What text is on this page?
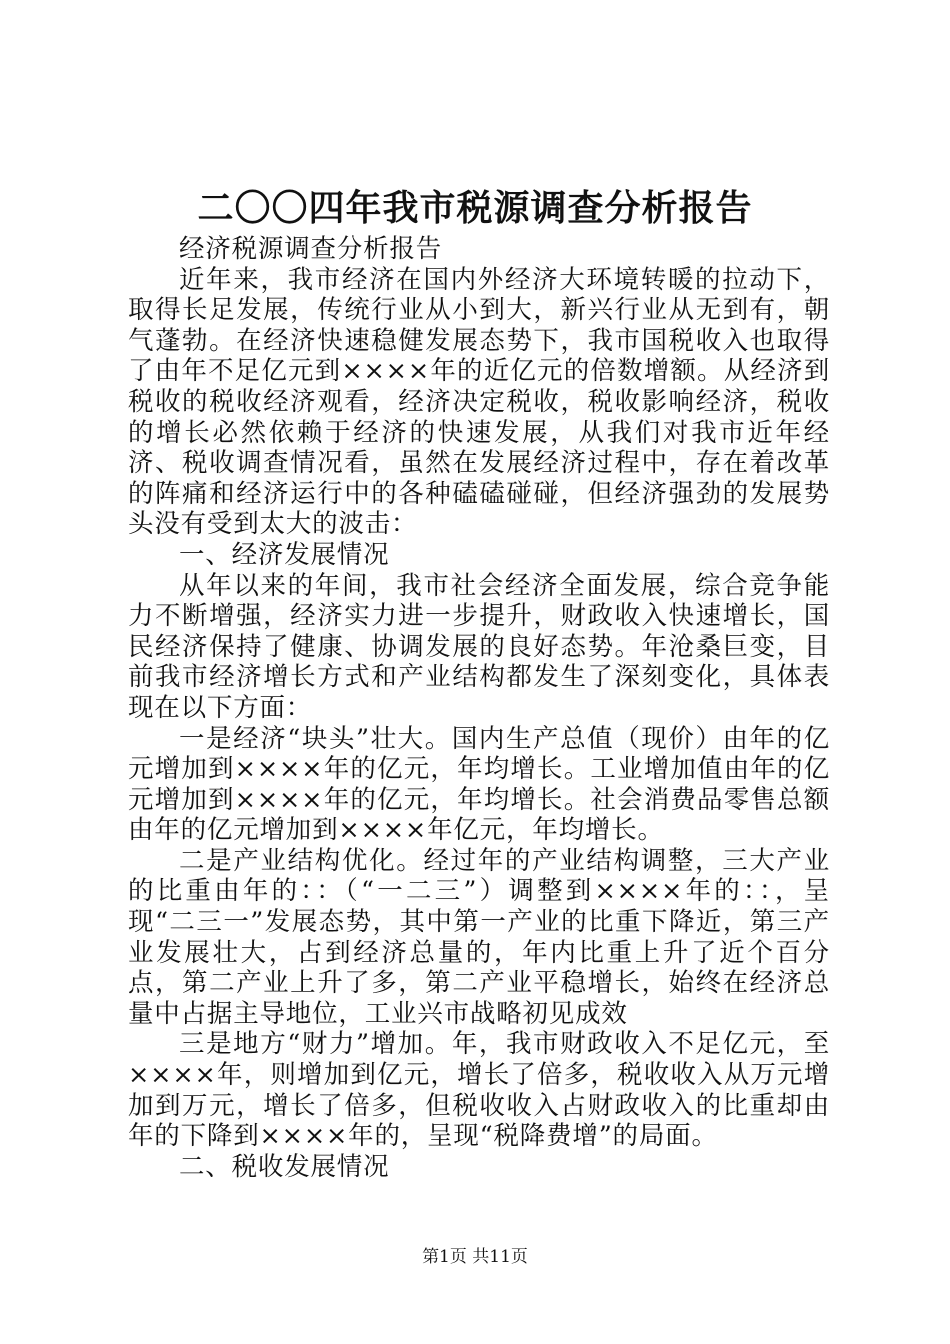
二〇〇四年我市税源调查分析报告

经济税源调查分析报告

近年来，我市经济在国内外经济大环境转暖的拉动下，取得长足发展，传统行业从小到大，新兴行业从无到有，朝气蓬勃。在经济快速稳健发展态势下，我市国税收入也取得了由年不足亿元到××××年的近亿元的倍数增额。从经济到税收的税收经济观看，经济决定税收，税收影响经济，税收的增长必然依赖于经济的快速发展，从我们对我市近年经济、税收调查情况看，虽然在发展经济过程中，存在着改革的阵痛和经济运行中的各种磕磕碰碰，但经济强劲的发展势头没有受到太大的波击：

一、经济发展情况

从年以来的年间，我市社会经济全面发展，综合竞争能力不断增强，经济实力进一步提升，财政收入快速增长，国民经济保持了健康、协调发展的良好态势。年沧桑巨变，目前我市经济增长方式和产业结构都发生了深刻变化，具体表现在以下方面：

一是经济“块头”壮大。国内生产总值（现价）由年的亿元增加到××××年的亿元，年均增长。工业增加值由年的亿元增加到××××年的亿元，年均增长。社会消费品零售总额由年的亿元增加到××××年亿元，年均增长。

二是产业结构优化。经过年的产业结构调整，三大产业的比重由年的：：（“一二三”）调整到××××年的：：，呈现“二三一”发展态势，其中第一产业的比重下降近，第三产业发展壮大，占到经济总量的，年内比重上升了近个百分点，第二产业上升了多，第二产业平稳增长，始终在经济总量中占据主导地位，工业兴市战略初见成效

三是地方“财力”增加。年，我市财政收入不足亿元，至××××年，则增加到亿元，增长了倍多，税收收入从万元增加到万元，增长了倍多，但税收收入占财政收入的比重却由年的下降到××××年的，呈现“税降费增”的局面。

二、税收发展情况

第1页 共11页
